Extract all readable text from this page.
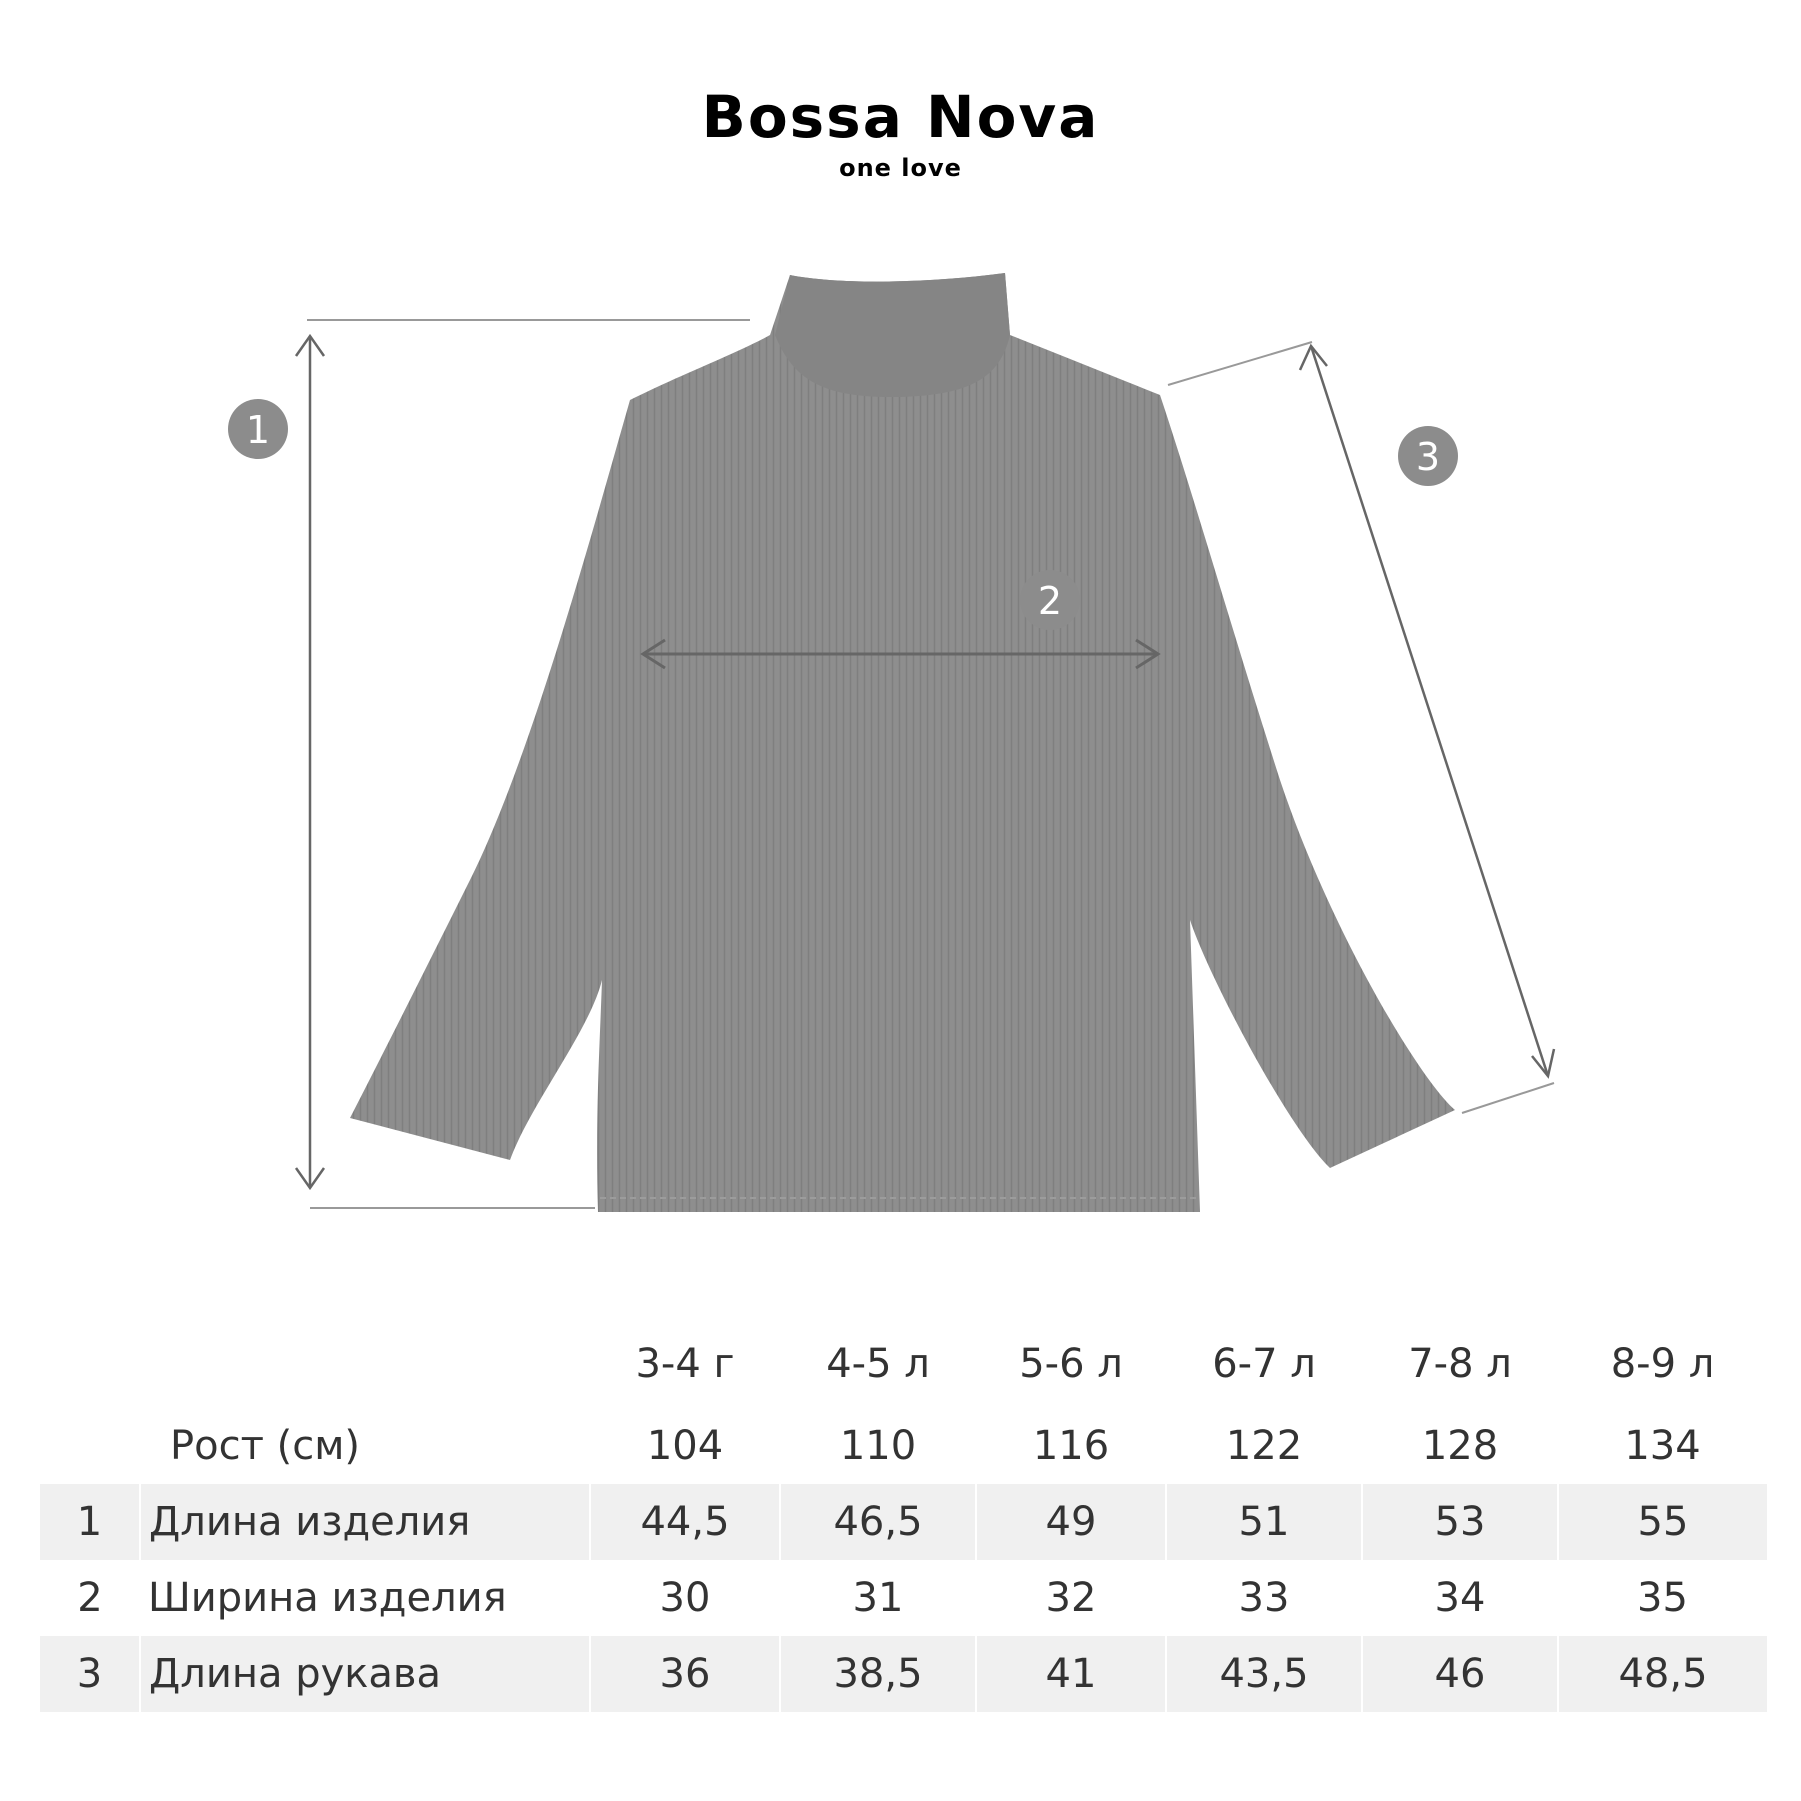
Bossa Nova
one love
1
2
3
		3-4 г	4-5 л	5-6 л	6-7 л	7-8 л	8-9 л
	Рост (см)	104	110	116	122	128	134
1	Длина изделия	44,5	46,5	49	51	53	55
2	Ширина изделия	30	31	32	33	34	35
3	Длина рукава	36	38,5	41	43,5	46	48,5
